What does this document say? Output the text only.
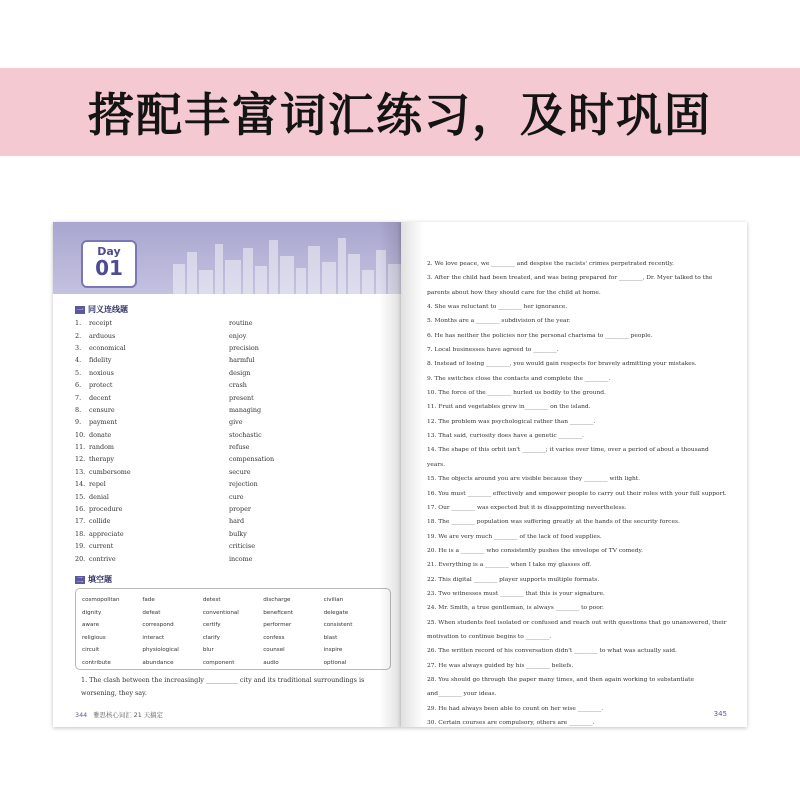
搭配丰富词汇练习，及时巩固
Day
01
一 同义连线题
1.	receipt	routine
2.	arduous	enjoy
3.	economical	precision
4.	fidelity	harmful
5.	noxious	design
6.	protect	crash
7.	decent	present
8.	censure	managing
9.	payment	give
10. donate	stochastic
11. random	refuse
12. therapy	compensation
13. cumbersome	secure
14. repel	rejection
15. denial	cure
16. procedure	proper
17. collide	hard
18. appreciate	bulky
19. current	criticise
20. contrive	income
二 填空题
cosmopolitan	fade	detest	discharge	civilian
dignity	defeat	conventional	beneficent	delegate
aware	correspond	certify	performer	consistent
religious	interact	clarify	confess	blast
circuit	physiological	blur	counsel	inspire
contribute	abundance	component	audio	optional
1. The clash between the increasingly __________ city and its traditional surroundings is worsening, they say.
344 雅思核心词汇 21 天搞定
2. We love peace, we ________ and despise the racists' crimes perpetrated recently.
3. After the child had been treated, and was being prepared for ________, Dr. Myer talked to the parents about how they should care for the child at home.
4. She was reluctant to ________ her ignorance.
5. Months are a ________ subdivision of the year.
6. He has neither the policies nor the personal charisma to ________ people.
7. Local businesses have agreed to ________.
8. Instead of losing ________, you would gain respects for bravely admitting your mistakes.
9. The switches close the contacts and complete the ________.
10. The force of the ________ hurled us bodily to the ground.
11. Fruit and vegetables grew in________ on the island.
12. The problem was psychological rather than ________.
13. That said, curiosity does have a genetic ________.
14. The shape of this orbit isn't ________; it varies over time, over a period of about a thousand years.
15. The objects around you are visible because they ________ with light.
16. You must ________ effectively and empower people to carry out their roles with your full support.
17. Our ________ was expected but it is disappointing nevertheless.
18. The ________ population was suffering greatly at the hands of the security forces.
19. We are very much ________ of the lack of food supplies.
20. He is a ________ who consistently pushes the envelope of TV comedy.
21. Everything is a ________ when I take my glasses off.
22. This digital ________ player supports multiple formats.
23. Two witnesses must ________ that this is your signature.
24. Mr. Smith, a true gentleman, is always ________ to poor.
25. When students feel isolated or confused and reach out with questions that go unanswered, their motivation to continue begins to ________.
26. The written record of his conversation didn't ________ to what was actually said.
27. He was always guided by his ________ beliefs.
28. You should go through the paper many times, and then again working to substantiate and________ your ideas.
29. He had always been able to count on her wise ________.
30. Certain courses are compulsory, others are ________.
345
